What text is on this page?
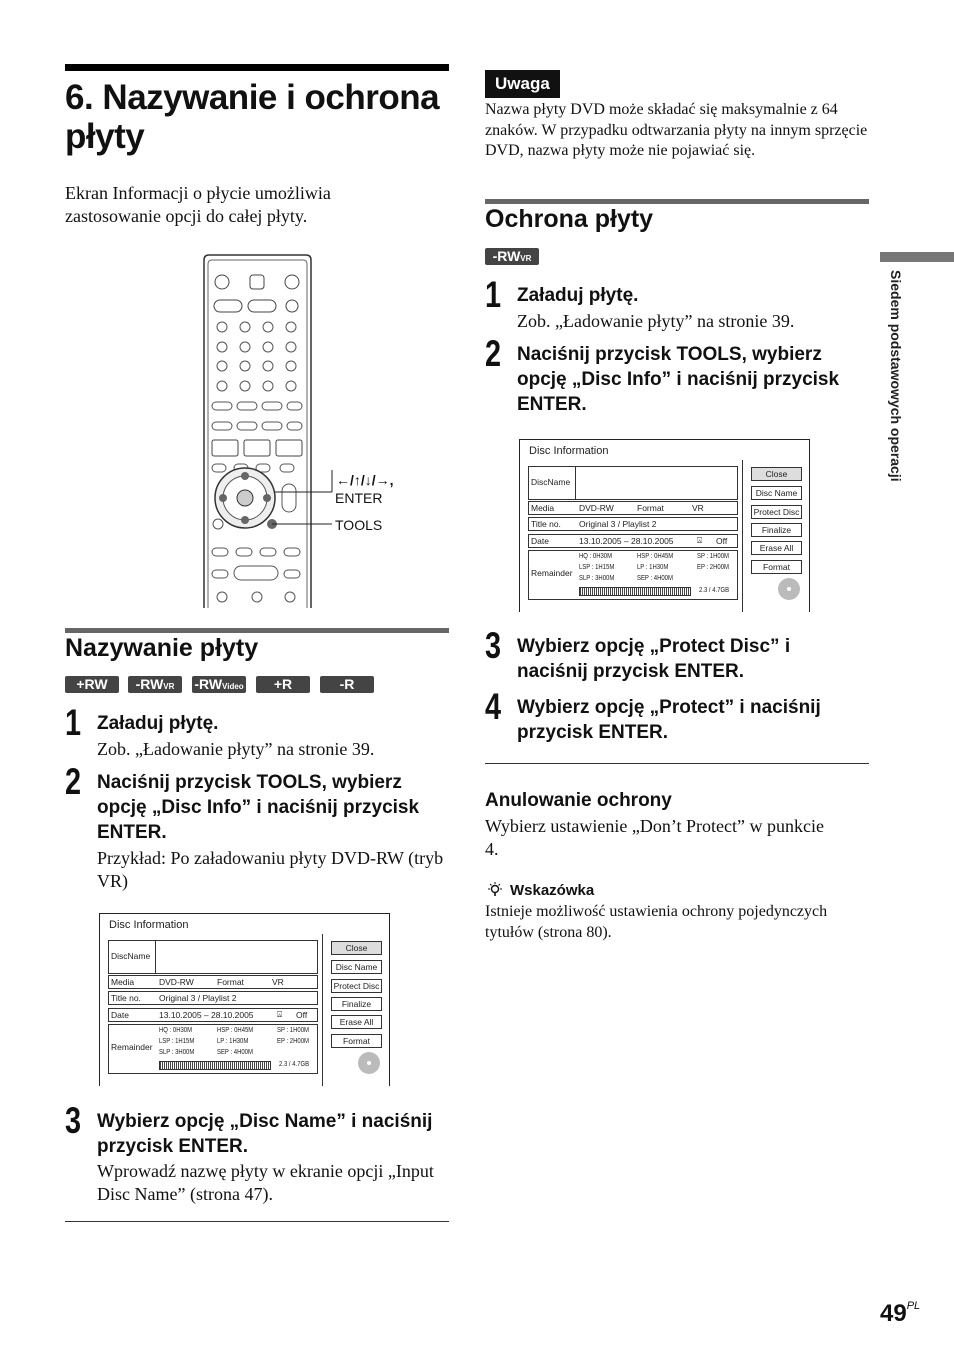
6. Nazywanie i ochrona
płyty
Ekran Informacji o płycie umożliwia zastosowanie opcji do całej płyty.
←/↑/↓/→,
ENTER
TOOLS
Nazywanie płyty
+RW	-RWVR	-RWVideo	+R	-R
1 Załaduj płytę.
Zob. „Ładowanie płyty” na stronie 39.
2 Naciśnij przycisk TOOLS, wybierz opcję „Disc Info” i naciśnij przycisk ENTER.
Przykład: Po załadowaniu płyty DVD-RW (tryb VR)
Disc Information
DiscName
Media	DVD-RW	Format	VR
Title no. Original 3 / Playlist 2
Date	13.10.2005 – 28.10.2005	⍓ Off
Remainder
HQ : 0H30M	HSP : 0H45M	SP : 1H00M
LSP : 1H15M	LP : 1H30M	EP : 2H00M
SLP : 3H00M	SEP : 4H00M
2.3 / 4.7GB
Close
Disc Name
Protect Disc
Finalize
Erase All
Format
3 Wybierz opcję „Disc Name” i naciśnij przycisk ENTER.
Wprowadź nazwę płyty w ekranie opcji „Input Disc Name” (strona 47).
Uwaga
Nazwa płyty DVD może składać się maksymalnie z 64 znaków. W przypadku odtwarzania płyty na innym sprzęcie DVD, nazwa płyty może nie pojawiać się.
Ochrona płyty
-RWVR
1 Załaduj płytę.
Zob. „Ładowanie płyty” na stronie 39.
2 Naciśnij przycisk TOOLS, wybierz opcję „Disc Info” i naciśnij przycisk ENTER.
Disc Information
DiscName
Media	DVD-RW	Format	VR
Title no. Original 3 / Playlist 2
Date	13.10.2005 – 28.10.2005	⍓ Off
Remainder
HQ : 0H30M	HSP : 0H45M	SP : 1H00M
LSP : 1H15M	LP : 1H30M	EP : 2H00M
SLP : 3H00M	SEP : 4H00M
2.3 / 4.7GB
Close
Disc Name
Protect Disc
Finalize
Erase All
Format
3 Wybierz opcję „Protect Disc” i naciśnij przycisk ENTER.
4 Wybierz opcję „Protect” i naciśnij przycisk ENTER.
Anulowanie ochrony
Wybierz ustawienie „Don’t Protect” w punkcie 4.
Wskazówka
Istnieje możliwość ustawienia ochrony pojedynczych tytułów (strona 80).
Siedem podstawowych operacji
$49^{PL}$
